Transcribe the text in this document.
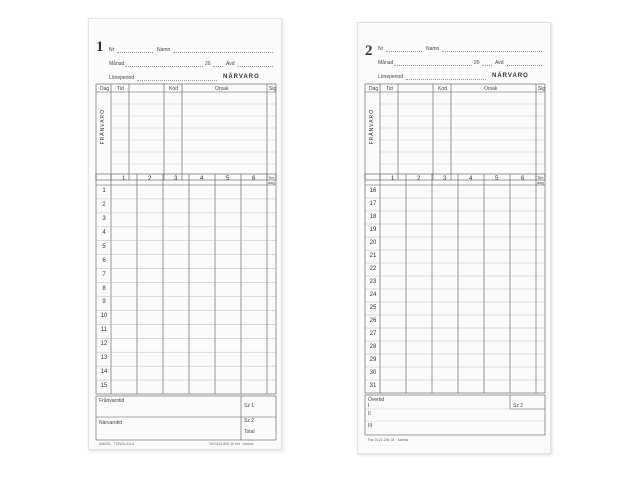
1 Nr	Namn
Månad	20	Avd
Löneperiod	NÄRVARO
Dag Tid	Kod	Orsak	Sig
FRÅNVARO
1	2	3	4	5	6	Tim dag
1
2
3
4
5
6
7
8
9
10
11
12
13
14
15
Frånvarotid
Sz 1
Närvarotid	Sz 2
Total
005231 · TON20-0114	Tel 0122-800 10 ext · Adress
2 Nr	Namn
Månad	20	Avd
Löneperiod	NÄRVARO
Dag Tid	Kod	Orsak	Sig
FRÅNVARO
1	2	3	4	5	6	Tim dag
16
17
18
19
20
21
22
23
24
25
26
27
28
29
30
31
Övertid
I
II
III
Sz 2
Fax 0122-284 34 · Adress
